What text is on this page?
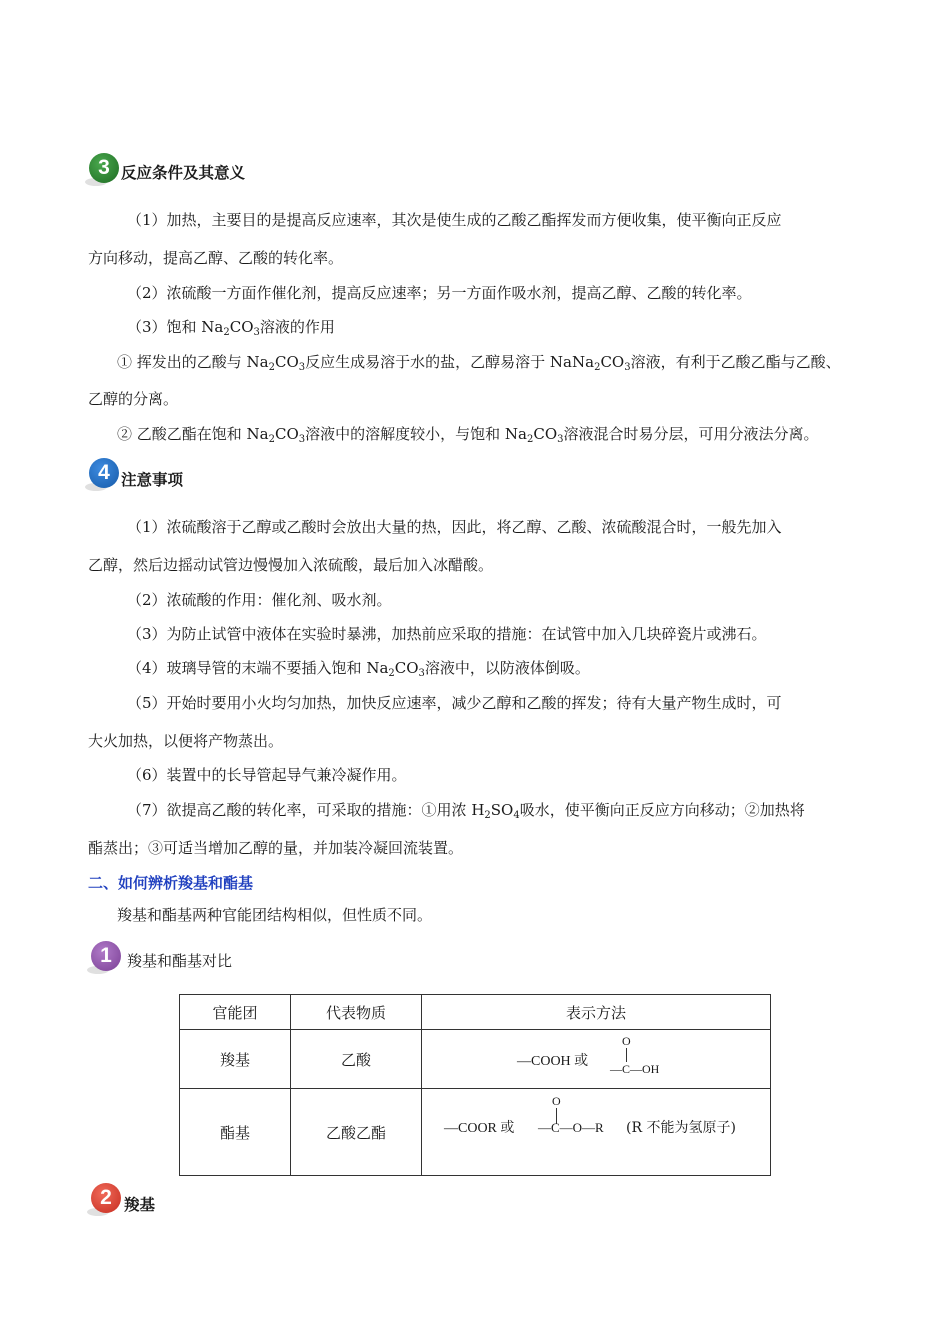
3 反应条件及其意义
（1）加热，主要目的是提高反应速率，其次是使生成的乙酸乙酯挥发而方便收集，使平衡向正反应
方向移动，提高乙醇、乙酸的转化率。
（2）浓硫酸一方面作催化剂，提高反应速率；另一方面作吸水剂，提高乙醇、乙酸的转化率。
（3）饱和 $Na_2CO_3$溶液的作用
① 挥发出的乙酸与 $Na_2CO_3$反应生成易溶于水的盐，乙醇易溶于 $NaNa_2CO_3$溶液，有利于乙酸乙酯与乙酸、
乙醇的分离。
② 乙酸乙酯在饱和 $Na_2CO_3$溶液中的溶解度较小，与饱和 $Na_2CO_3$溶液混合时易分层，可用分液法分离。
4 注意事项
（1）浓硫酸溶于乙醇或乙酸时会放出大量的热，因此，将乙醇、乙酸、浓硫酸混合时，一般先加入
乙醇，然后边摇动试管边慢慢加入浓硫酸，最后加入冰醋酸。
（2）浓硫酸的作用：催化剂、吸水剂。
（3）为防止试管中液体在实验时暴沸，加热前应采取的措施：在试管中加入几块碎瓷片或沸石。
（4）玻璃导管的末端不要插入饱和 $Na_2CO_3$溶液中，以防液体倒吸。
（5）开始时要用小火均匀加热，加快反应速率，减少乙醇和乙酸的挥发；待有大量产物生成时，可
大火加热，以便将产物蒸出。
（6）装置中的长导管起导气兼冷凝作用。
（7）欲提高乙酸的转化率，可采取的措施：①用浓 $H_2SO_4$吸水，使平衡向正反应方向移动；②加热将
酯蒸出；③可适当增加乙醇的量，并加装冷凝回流装置。
二、如何辨析羧基和酯基
羧基和酯基两种官能团结构相似，但性质不同。
1	羧基和酯基对比
官能团	代表物质	表示方法
羧基	乙酸	—COOH 或
O
—C—OH

酯基	乙酸乙酯	—COOR 或
O
—C—O—R (R 不能为氢原子)
2 羧基
